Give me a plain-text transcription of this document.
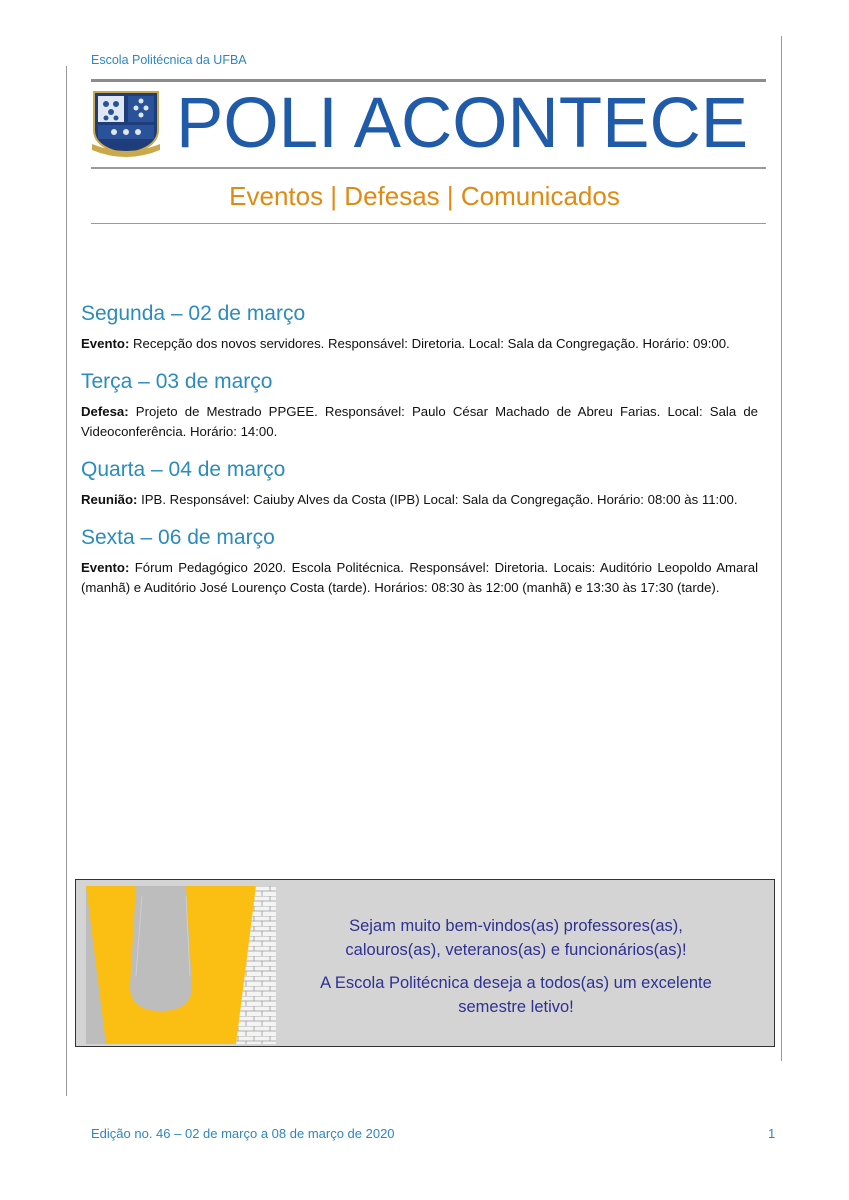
Escola Politécnica da UFBA
POLI ACONTECE
Eventos | Defesas | Comunicados
Segunda – 02 de março

Evento: Recepção dos novos servidores. Responsável: Diretoria. Local: Sala da Congregação. Horário: 09:00.

Terça – 03 de março

Defesa: Projeto de Mestrado PPGEE. Responsável: Paulo César Machado de Abreu Farias. Local: Sala de Videoconferência. Horário: 14:00.

Quarta – 04 de março

Reunião: IPB. Responsável: Caiuby Alves da Costa (IPB) Local: Sala da Congregação. Horário: 08:00 às 11:00.

Sexta – 06 de março

Evento: Fórum Pedagógico 2020. Escola Politécnica. Responsável: Diretoria. Locais: Auditório Leopoldo Amaral (manhã) e Auditório José Lourenço Costa (tarde). Horários: 08:30 às 12:00 (manhã) e 13:30 às 17:30 (tarde).

Sejam muito bem-vindos(as) professores(as), calouros(as), veteranos(as) e funcionários(as)!

A Escola Politécnica deseja a todos(as) um excelente semestre letivo!

Edição no. 46 – 02 de março a 08 de março de 2020	1
